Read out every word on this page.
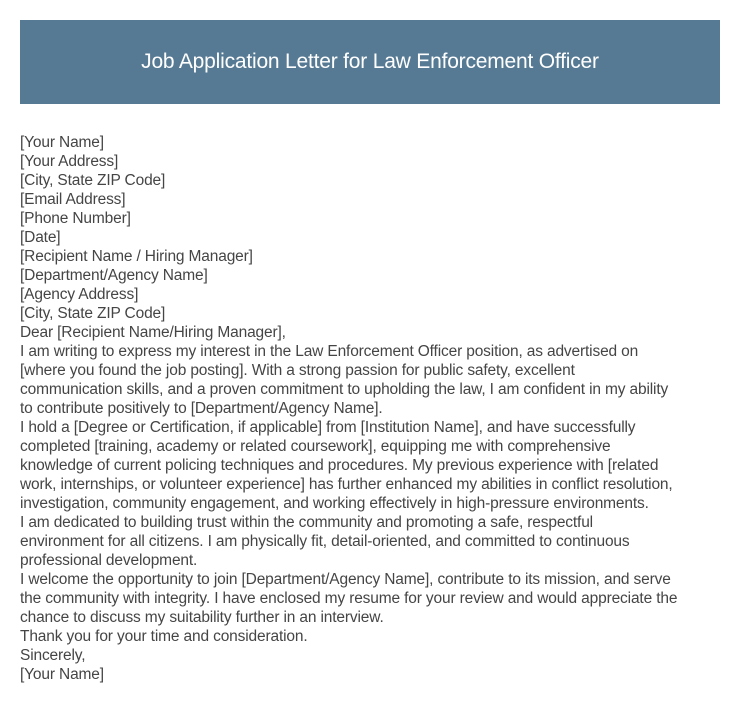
Job Application Letter for Law Enforcement Officer
[Your Name]
[Your Address]
[City, State ZIP Code]
[Email Address]
[Phone Number]
[Date]
[Recipient Name / Hiring Manager]
[Department/Agency Name]
[Agency Address]
[City, State ZIP Code]
Dear [Recipient Name/Hiring Manager],

I am writing to express my interest in the Law Enforcement Officer position, as advertised on
[where you found the job posting]. With a strong passion for public safety, excellent
communication skills, and a proven commitment to upholding the law, I am confident in my ability
to contribute positively to [Department/Agency Name].

I hold a [Degree or Certification, if applicable] from [Institution Name], and have successfully
completed [training, academy or related coursework], equipping me with comprehensive
knowledge of current policing techniques and procedures. My previous experience with [related
work, internships, or volunteer experience] has further enhanced my abilities in conflict resolution,
investigation, community engagement, and working effectively in high-pressure environments.

I am dedicated to building trust within the community and promoting a safe, respectful
environment for all citizens. I am physically fit, detail-oriented, and committed to continuous
professional development.

I welcome the opportunity to join [Department/Agency Name], contribute to its mission, and serve
the community with integrity. I have enclosed my resume for your review and would appreciate the
chance to discuss my suitability further in an interview.

Thank you for your time and consideration.
Sincerely,
[Your Name]
